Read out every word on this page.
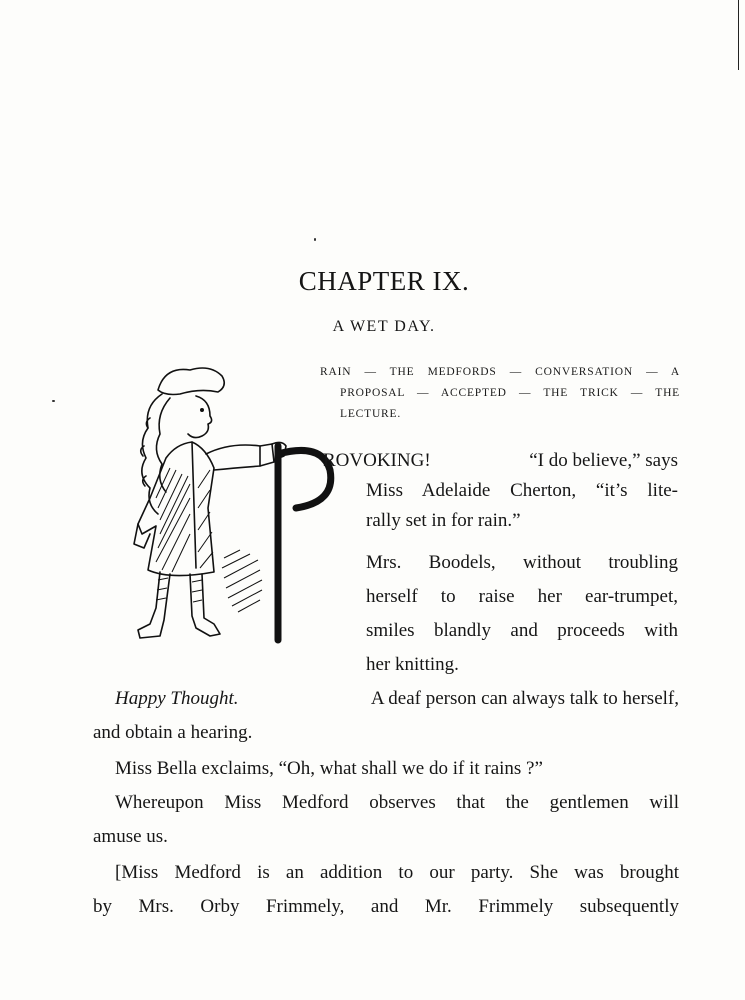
CHAPTER IX.
A WET DAY.
RAIN — THE MEDFORDS — CONVERSATION — A PROPOSAL — ACCEPTED — THE TRICK — THE LECTURE.
ROVOKING!	“I do believe,” says
Miss Adelaide Cherton, “it’s lite-
rally set in for rain.”
Mrs. Boodels, without troubling
herself to raise her ear-trumpet,
smiles blandly and proceeds with
her knitting.
Happy Thought.	A deaf person can always talk to herself,
and obtain a hearing.
Miss Bella exclaims, “Oh, what shall we do if it rains ?”
Whereupon Miss Medford observes that the gentlemen will
amuse us.
[Miss Medford is an addition to our party. She was brought
by Mrs. Orby Frimmely, and Mr. Frimmely subsequently
